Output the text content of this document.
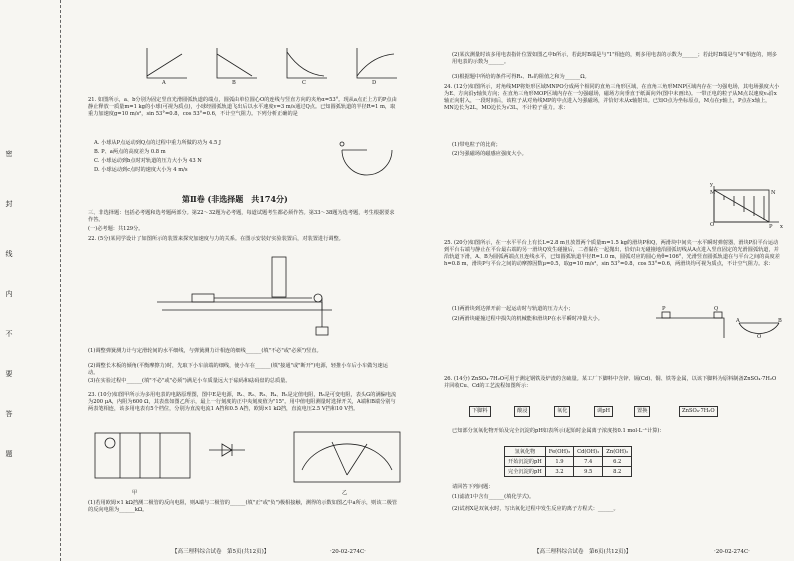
密
封
线
内
不
要
答
题
A	B	C	D
21. 如图所示，a、b分别为固定竖直光滑圆弧轨道的端点，圆弧由单位圆心O的连线与竖直方向的夹角α=53°。现从a点正上方的P点由静止释放一质量m=1 kg的小球(可视为质点)，小球经圆弧轨道飞出后以水平速度v=3 m/s通过Q点。已知圆弧轨道的半径R=1 m，取重力加速度g=10 m/s²，sin 53°=0.8，cos 53°=0.6，不计空气阻力。下列分析正确的是
A. 小球从P点运动到Q点的过程中重力所做的功为 4.5 J
B. P、a两点的高度差为 0.8 m
C. 小球运动到b点时对轨道的压力大小为 43 N
D. 小球运动到c点时的速度大小为 4 m/s
第Ⅱ卷 (非选择题　共174分)
三、非选择题：包括必考题和选考题两部分。第22～32题为必考题，每道试题考生都必须作答。第33～38题为选考题，考生根据要求作答。
(一)必考题：共129分。
22. (5分)某同学设计了如图所示的装置来探究加速度与力的关系。在图示安装好实验装置后，对装置进行调整。
(1)调整弹簧测力计与定滑轮间的水平细线，与弹簧测力计相连的细线______(填"不必"或"必须")竖直。
(2)调整长木板的倾角(平衡摩擦力)时，先取下小车前端的细线，使小车在______(填"接通"或"断开")电源，轻推小车后小车做匀速运动。
(3)在实验过程中______(填"不必"或"必须")满足小车质量远大于砝码和砝码盘的总质量。
23. (10分)如图甲所示为多用电表的电路原理图，图中E是电源，R₁、R₂、R₃、R₄、R₅是定值电阻，R₆是可变电阻，表头G的满偏电流为200 μA，内阻为600 Ω，其表盘如图乙所示，最上一行刻度的正中央刻度值为"15"。用中值电阻测量时选择开关，A端和B端分别与两表笔相连，该多用电表有5个档位，分别为直流电流1 A挡和0.5 A挡，欧姆×1 kΩ挡，直流电压2.5 V挡和10 V挡。
甲	乙
(1)若用欧姆×1 kΩ挡测二极管的反向电阻，则A端与二极管的______(填"正"或"负")极相接触，测得的示数如图乙中a所示，则该二极管的反向电阻为______kΩ。
【高三理科综合试卷　第5页(共12页)】	·20-02-274C·
(2)某次测量时该多用电表指针位置如图乙中b所示，若此时B端是与"1"相连的，则多用电表的示数为______；若此时B端是与"4"相连的，则多用电表的示数为______。
(3)根据题中所给的条件可得R₁、R₂的阻值之和为______Ω。
24. (12分)如图所示，对角线MP将矩形区域MNPO分成两个相同的直角三角形区域，在直角三角形MNP区域内存在一匀强电场，其电场强度大小为E、方向沿y轴负方向；在直角三角形MOP区域内存在一匀强磁场，磁场方向垂直于纸面向外(图中未画出)。一带正电的粒子从M点以速度v₀沿x轴正向射入，一段时间后，该粒子从对角线MP的中点进入匀强磁场，并恰好未从x轴射出。已知O点为坐标原点，M点在y轴上，P点在x轴上，MN边长为2L，MO边长为√3L，不计粒子重力。求：
(1)带电粒子的比荷；
(2)匀强磁场的磁感应强度大小。
y
M	N
O	P x
25. (20分)如图所示，在一水平平台上有长L=2.8 m且放置两个质量m=1.5 kg的滑块P和Q，两滑块中间夹一水平瞬时弹射器，滑块P沿平台运动到平台右端与静止在平台最右端的另一滑块Q发生碰撞后，二者黏在一起抛出，恰好由无碰撞地沿圆弧切线从A点进入竖直固定的光滑圆弧轨道，并沿轨道下滑，A、B为圆弧两端点且连线水平，已知圆弧轨道半径R=1.0 m，圆弧对应的圆心角θ=106°，光滑竖直圆弧轨道在与平台之间的高度差h=0.8 m，滑块P与平台之间的动摩擦因数μ=0.5，取g=10 m/s²，sin 53°=0.8，cos 53°=0.6，两滑块均可视为质点，不计空气阻力。求：
(1)两滑块到达弹开前一起运动时与轨道的压力大小；
(2)两滑块碰撞过程中损失的机械能和滑块P在水平瞬时冲量大小。
P	Q
A	B
O
26. (14分) ZnSO₄·7H₂O可用于测定钢铁及炉渣的含硫量。某工厂下脚料中含锌、镉(Cd)、铜、铁等金属，以该下脚料为原料制备ZnSO₄·7H₂O并回收Cu、Cd的工艺流程如图所示：
下脚料	酸浸	氧化	调pH	置换	ZnSO₄·7H₂O
已知部分氢氧化物开始及完全沉淀的pH如表所示(起始时金属离子浓度按0.1 mol·L⁻¹计算)：
氢氧化物	Fe(OH)₃	Cd(OH)₂	Zn(OH)₂
开始沉淀的pH	1.9	7.4	6.2
完全沉淀的pH	3.2	9.5	8.2
请回答下列问题：
(1)滤渣1中含有______(填化学式)。
(2)试剂X是双氧水时，写出氧化过程中发生反应的离子方程式：______。
【高三理科综合试卷　第6页(共12页)】	·20-02-274C·
